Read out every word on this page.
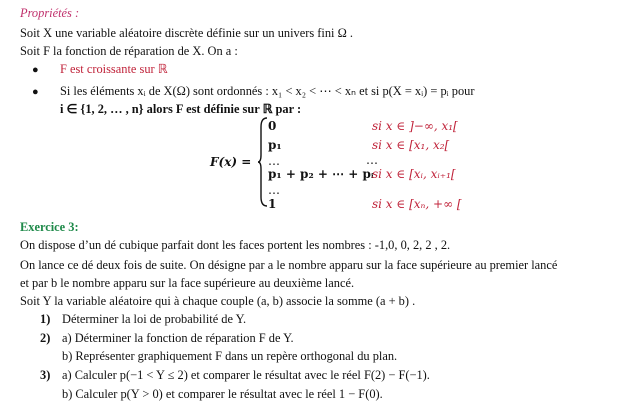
Propriétés :
Soit X une variable aléatoire discrète définie sur un univers fini Ω .
Soit F la fonction de réparation de X. On a :
● F est croissante sur ℝ
● Si les éléments xᵢ de X(Ω) sont ordonnés : x₁ < x₂ < ⋯ < xₙ et si p(X = xᵢ) = pᵢ pour
i ∈ {1, 2, … , n} alors F est définie sur ℝ par :
F(x) =
0
p₁
…
p₁ + p₂ + ⋯ + pᵢ
…
1
si x ∈ ]−∞, x₁[
si x ∈ [x₁, x₂[
…
si x ∈ [xᵢ, xᵢ₊₁[
si x ∈ [xₙ, +∞ [
Exercice 3:
On dispose d’un dé cubique parfait dont les faces portent les nombres : -1,0, 0, 2, 2 , 2.
On lance ce dé deux fois de suite. On désigne par a le nombre apparu sur la face supérieure au premier lancé
et par b le nombre apparu sur la face supérieure au deuxième lancé.
Soit Y la variable aléatoire qui à chaque couple (a, b) associe la somme (a + b) .
1) Déterminer la loi de probabilité de Y.
2) a) Déterminer la fonction de réparation F de Y.
b) Représenter graphiquement F dans un repère orthogonal du plan.
3) a) Calculer p(−1 < Y ≤ 2) et comparer le résultat avec le réel F(2) − F(−1).
b) Calculer p(Y > 0) et comparer le résultat avec le réel 1 − F(0).
